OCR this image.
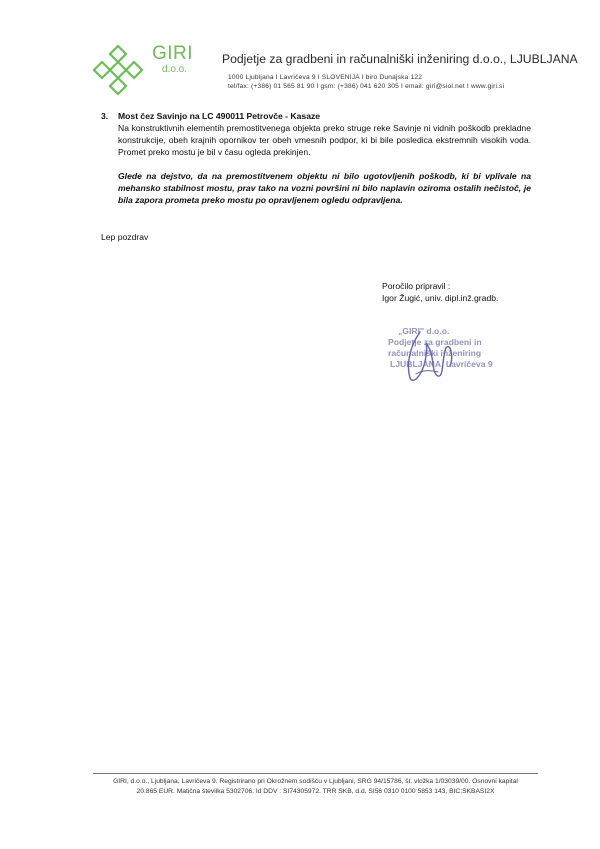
GIRI
d.o.o.
Podjetje za gradbeni in računalniški inženiring d.o.o., LJUBLJANA
1000 Ljubljana I Lavričeva 9 I SLOVENIJA I biro Dunajska 122
tel/fax: (+386) 01 565 81 90 I gsm: (+386) 041 620 305 I email: giri@siol.net I www.giri.si
3. Most čez Savinjo na LC 490011 Petrovče - Kasaze
Na konstruktivnih elementih premostitvenega objekta preko struge reke Savinje ni vidnih poškodb prekladne konstrukcije, obeh krajnih opornikov ter obeh vmesnih podpor, ki bi bile posledica ekstremnih visokih voda. Promet preko mostu je bil v času ogleda prekinjen.
Glede na dejstvo, da na premostitvenem objektu ni bilo ugotovljenih poškodb, ki bi vplivale na mehansko stabilnost mostu, prav tako na vozni površini ni bilo naplavin oziroma ostalih nečistoč, je bila zapora prometa preko mostu po opravljenem ogledu odpravljena.
Lep pozdrav
Poročilo pripravil :
Igor Žugić, univ. dipl.inž.gradb.
„GIRI" d.o.o.
Podjetje za gradbeni in
računalniški inženiring
LJUBLJANA, Lavričeva 9
GIRI, d.o.o., Ljubljana, Lavričeva 9. Registrirano pri Okrožnem sodišču v Ljubljani, SRG 94/15786, št. vložka 1/03039/00. Osnovni kapital
20.865 EUR. Matična številka 5302706. Id DDV : SI74305972. TRR SKB, d.d. SI56 0310 0100 5853 143, BIC:SKBASI2X
